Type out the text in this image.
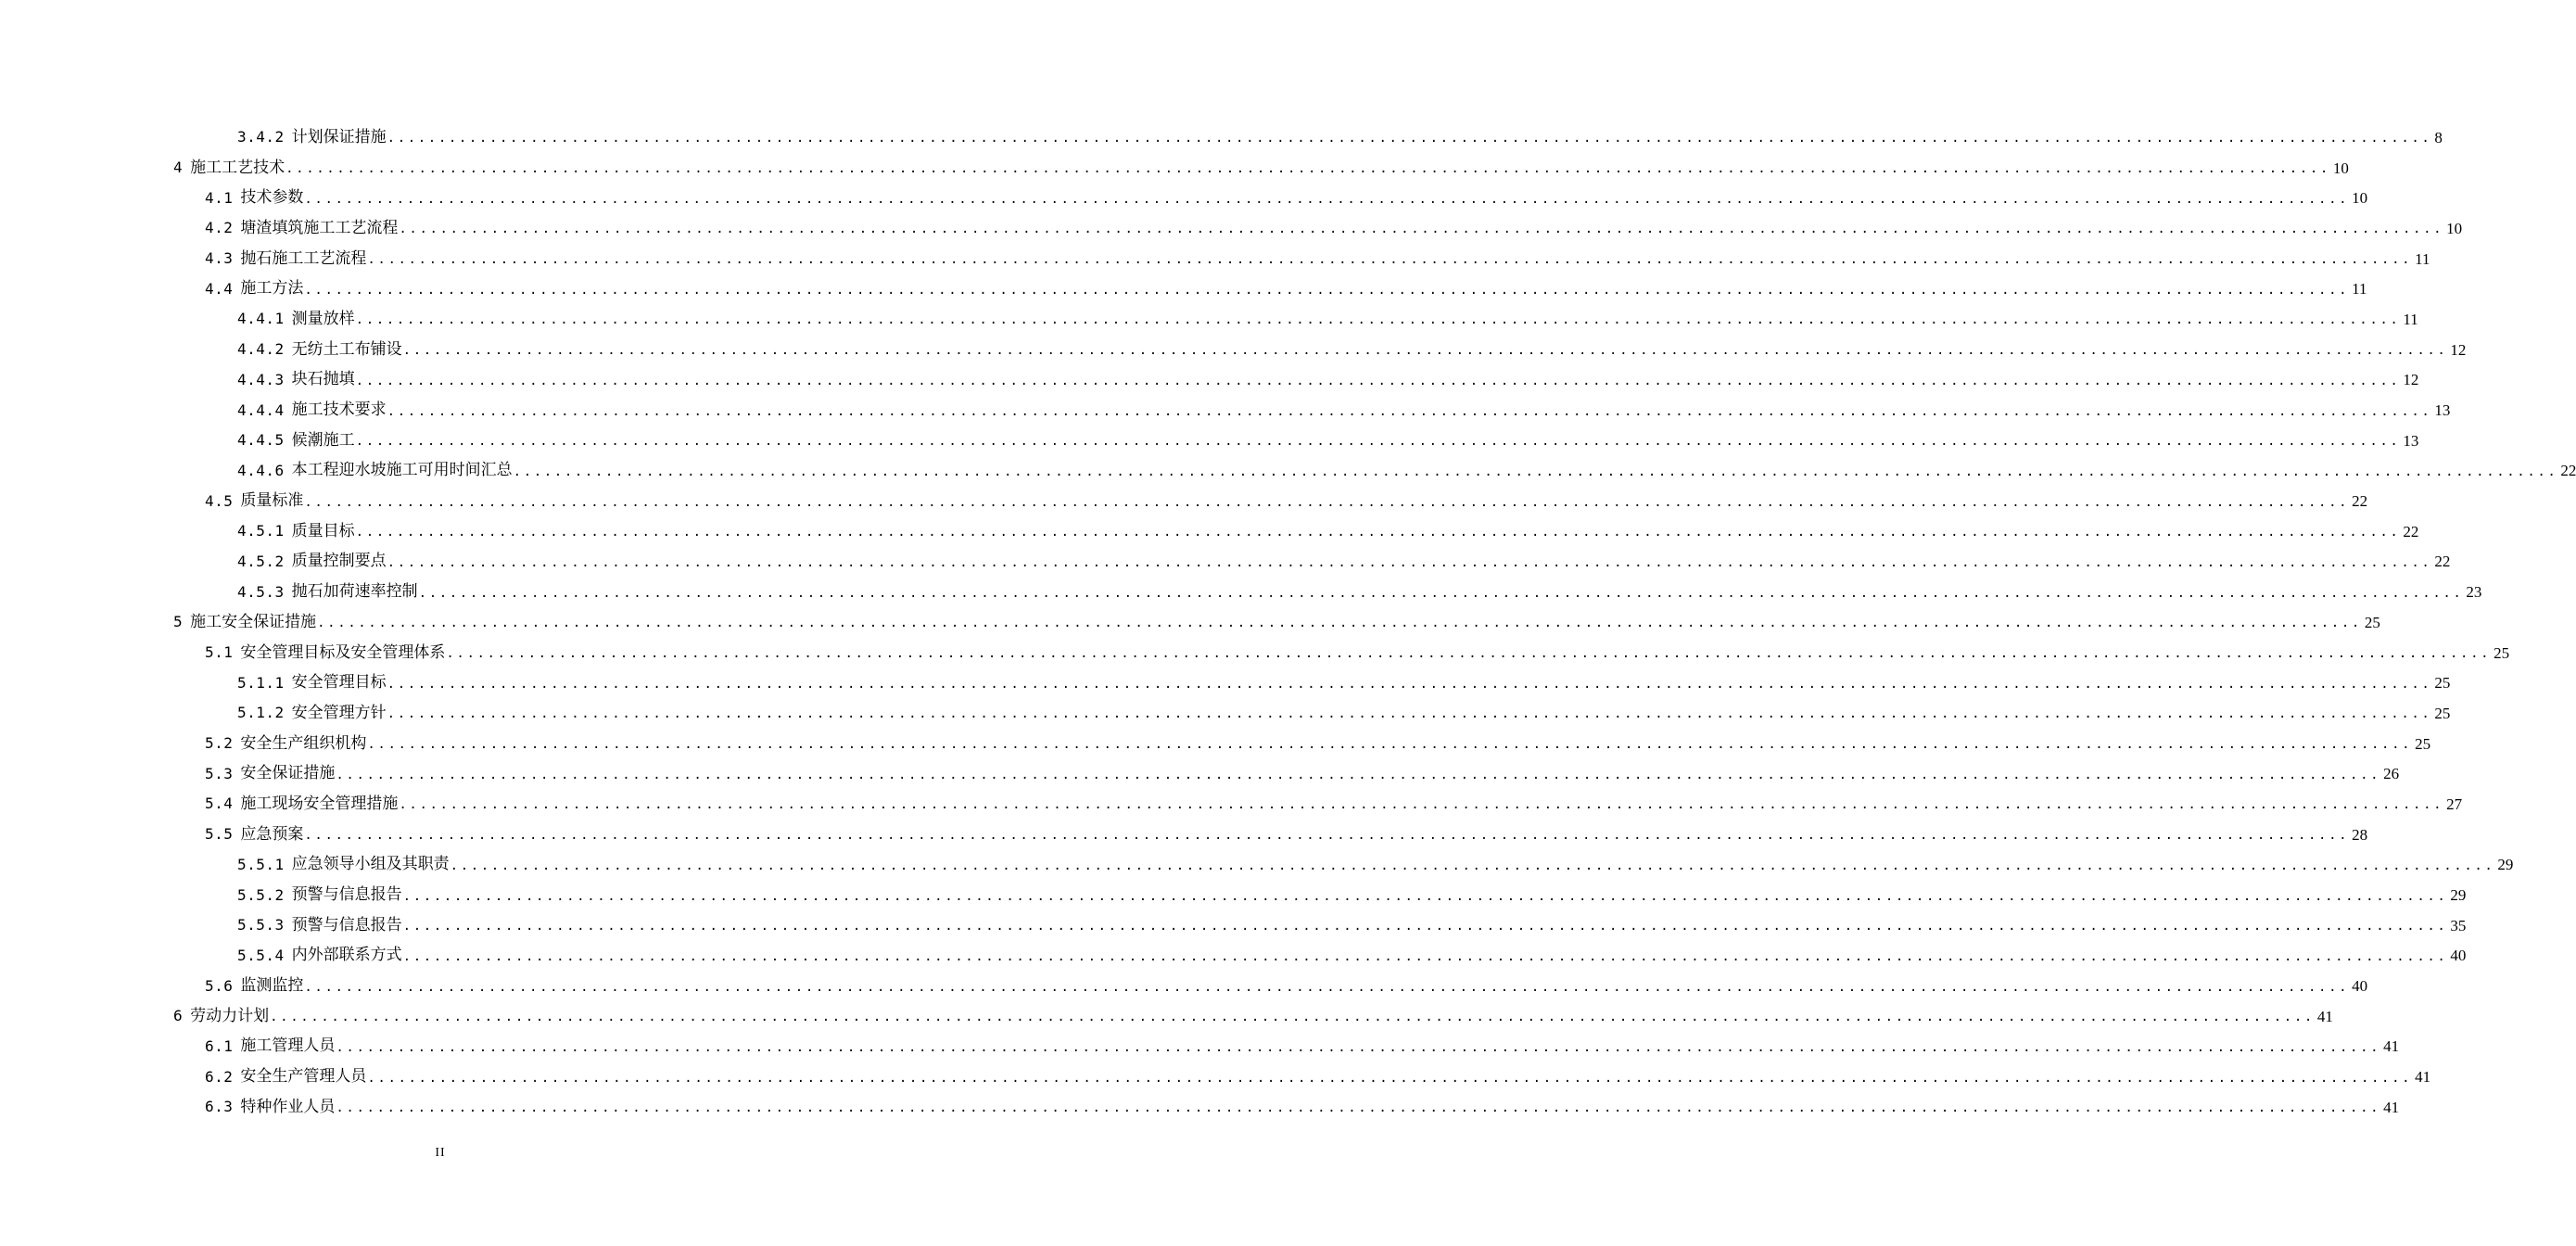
3.4.2 计划保证措施 ........................................................................................................................................................................................................ 8
4 施工工艺技术 ........................................................................................................................................................................................................ 10
4.1 技术参数 ........................................................................................................................................................................................................ 10
4.2 塘渣填筑施工工艺流程 ........................................................................................................................................................................................................ 10
4.3 抛石施工工艺流程 ........................................................................................................................................................................................................ 11
4.4 施工方法 ........................................................................................................................................................................................................ 11
4.4.1 测量放样 ........................................................................................................................................................................................................ 11
4.4.2 无纺土工布铺设 ........................................................................................................................................................................................................ 12
4.4.3 块石抛填 ........................................................................................................................................................................................................ 12
4.4.4 施工技术要求 ........................................................................................................................................................................................................ 13
4.4.5 候潮施工 ........................................................................................................................................................................................................ 13
4.4.6 本工程迎水坡施工可用时间汇总 ........................................................................................................................................................................................................ 22
4.5 质量标准 ........................................................................................................................................................................................................ 22
4.5.1 质量目标 ........................................................................................................................................................................................................ 22
4.5.2 质量控制要点 ........................................................................................................................................................................................................ 22
4.5.3 抛石加荷速率控制 ........................................................................................................................................................................................................ 23
5 施工安全保证措施 ........................................................................................................................................................................................................ 25
5.1 安全管理目标及安全管理体系 ........................................................................................................................................................................................................ 25
5.1.1 安全管理目标 ........................................................................................................................................................................................................ 25
5.1.2 安全管理方针 ........................................................................................................................................................................................................ 25
5.2 安全生产组织机构 ........................................................................................................................................................................................................ 25
5.3 安全保证措施 ........................................................................................................................................................................................................ 26
5.4 施工现场安全管理措施 ........................................................................................................................................................................................................ 27
5.5 应急预案 ........................................................................................................................................................................................................ 28
5.5.1 应急领导小组及其职责 ........................................................................................................................................................................................................ 29
5.5.2 预警与信息报告 ........................................................................................................................................................................................................ 29
5.5.3 预警与信息报告 ........................................................................................................................................................................................................ 35
5.5.4 内外部联系方式 ........................................................................................................................................................................................................ 40
5.6 监测监控 ........................................................................................................................................................................................................ 40
6 劳动力计划 ........................................................................................................................................................................................................ 41
6.1 施工管理人员 ........................................................................................................................................................................................................ 41
6.2 安全生产管理人员 ........................................................................................................................................................................................................ 41
6.3 特种作业人员 ........................................................................................................................................................................................................ 41
II
